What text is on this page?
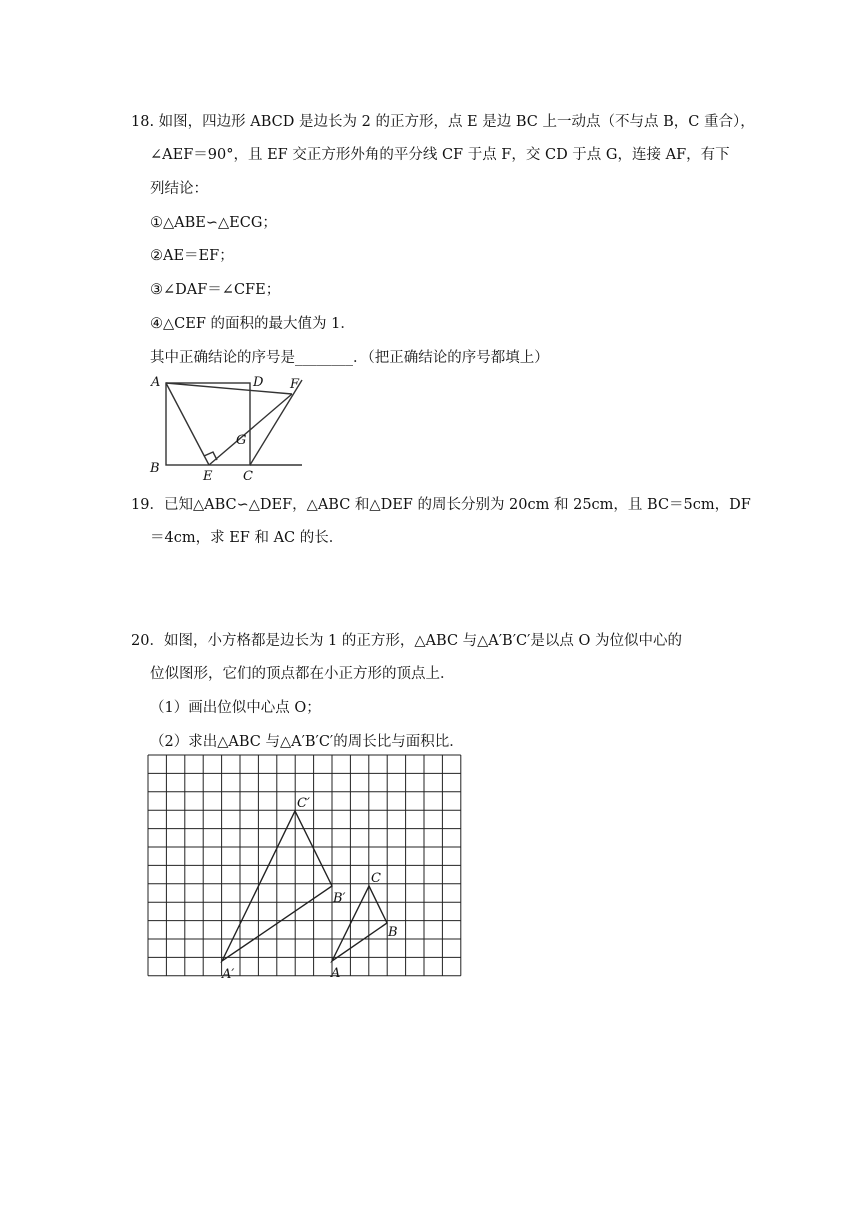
18. 如图，四边形 ABCD 是边长为 2 的正方形，点 E 是边 BC 上一动点（不与点 B，C 重合），
∠AEF＝90°，且 EF 交正方形外角的平分线 CF 于点 F，交 CD 于点 G，连接 AF，有下
列结论：
①△ABE∽△ECG；
②AE＝EF；
③∠DAF＝∠CFE；
④△CEF 的面积的最大值为 1．
其中正确结论的序号是________．（把正确结论的序号都填上）
A	D
B
E C
G
F
19．已知△ABC∽△DEF，△ABC 和△DEF 的周长分别为 20cm 和 25cm，且 BC＝5cm，DF
＝4cm，求 EF 和 AC 的长．
20．如图，小方格都是边长为 1 的正方形，△ABC 与△A′B′C′是以点 O 为位似中心的
位似图形，它们的顶点都在小正方形的顶点上．
（1）画出位似中心点 O；
（2）求出△ABC 与△A′B′C′的周长比与面积比．
C′
B′
A′
C
B
A
